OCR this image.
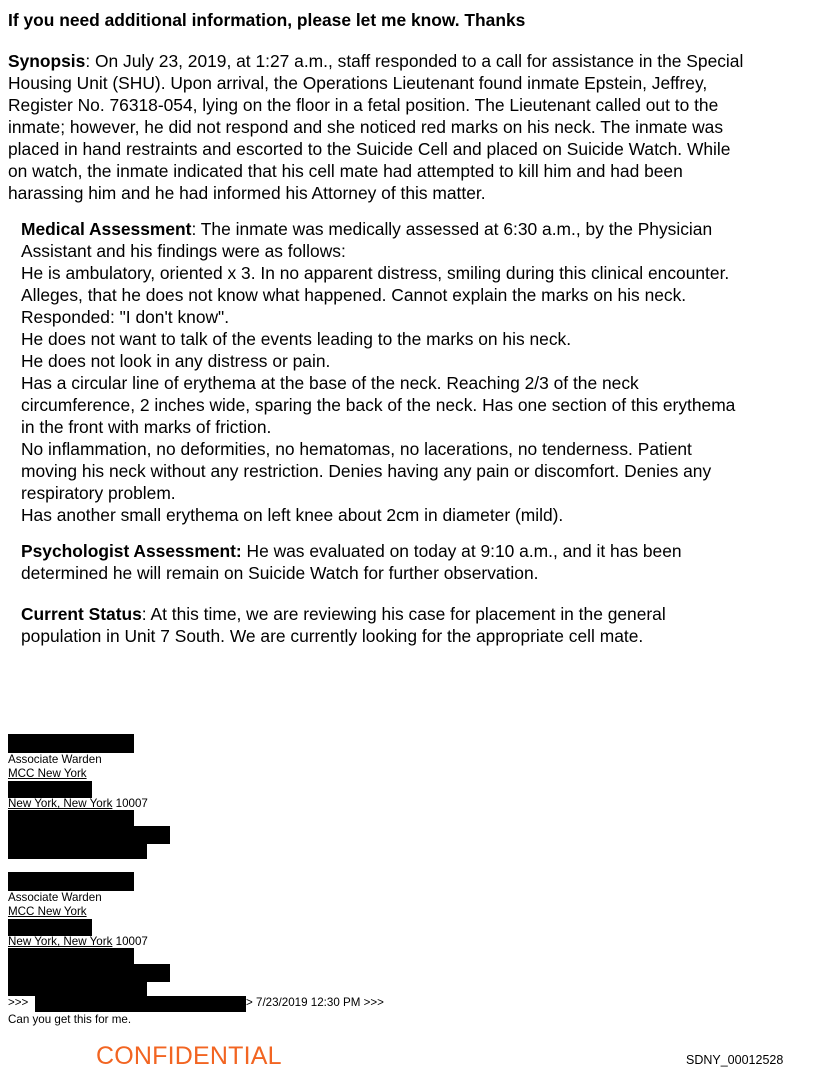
If you need additional information, please let me know. Thanks
Synopsis: On July 23, 2019, at 1:27 a.m., staff responded to a call for assistance in the Special
Housing Unit (SHU). Upon arrival, the Operations Lieutenant found inmate Epstein, Jeffrey,
Register No. 76318-054, lying on the floor in a fetal position. The Lieutenant called out to the
inmate; however, he did not respond and she noticed red marks on his neck. The inmate was
placed in hand restraints and escorted to the Suicide Cell and placed on Suicide Watch. While
on watch, the inmate indicated that his cell mate had attempted to kill him and had been
harassing him and he had informed his Attorney of this matter.
Medical Assessment: The inmate was medically assessed at 6:30 a.m., by the Physician
Assistant and his findings were as follows:
He is ambulatory, oriented x 3. In no apparent distress, smiling during this clinical encounter.
Alleges, that he does not know what happened. Cannot explain the marks on his neck.
Responded: "I don't know".
He does not want to talk of the events leading to the marks on his neck.
He does not look in any distress or pain.
Has a circular line of erythema at the base of the neck. Reaching 2/3 of the neck
circumference, 2 inches wide, sparing the back of the neck. Has one section of this erythema
in the front with marks of friction.
No inflammation, no deformities, no hematomas, no lacerations, no tenderness. Patient
moving his neck without any restriction. Denies having any pain or discomfort. Denies any
respiratory problem.
Has another small erythema on left knee about 2cm in diameter (mild).
Psychologist Assessment: He was evaluated on today at 9:10 a.m., and it has been
determined he will remain on Suicide Watch for further observation.
Current Status: At this time, we are reviewing his case for placement in the general
population in Unit 7 South. We are currently looking for the appropriate cell mate.
Associate Warden
MCC New York
New York, New York 10007
Associate Warden
MCC New York
New York, New York 10007
>>>	> 7/23/2019 12:30 PM >>>
Can you get this for me.
CONFIDENTIAL	SDNY_00012528
